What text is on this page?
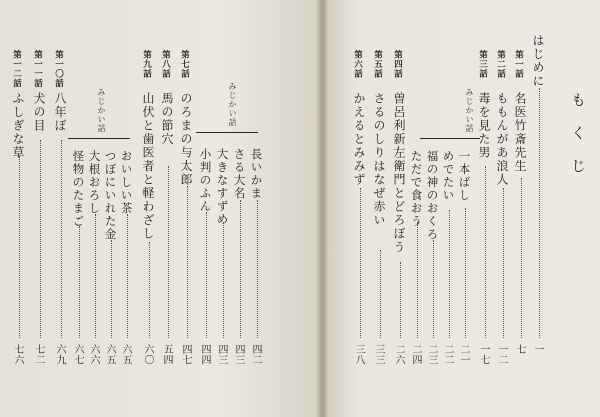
もくじ
はじめに
一
第一話
名医竹斎先生
七
第二話
ももんがあ浪人
一二
第三話
毒を見た男
一七
みじかい話
一本ばし
二一
めでたい
二二
福の神のおくろ
二三
ただで食おう
二四
第四話
曽呂利新左衛門とどろぼう
二六
第五話
さるのしりはなぜ赤い
三三
第六話
かえるとみみず
三八
みじかい話
長いかま
四二
さる大名
四三
大きなすずめ
四三
小判のふん
四四
第七話
のろまの与太郎
四七
第八話
馬の節穴
五四
第九話
山伏と歯医者と軽わざし
六〇
みじかい話
おいしい茶
六五
つぼにいれた金
六五
大根おろし
六六
怪物のたまご
六七
第一〇話
八年ぼ
六九
第一一話
犬の目
七二
第一二話
ふしぎな草
七六
